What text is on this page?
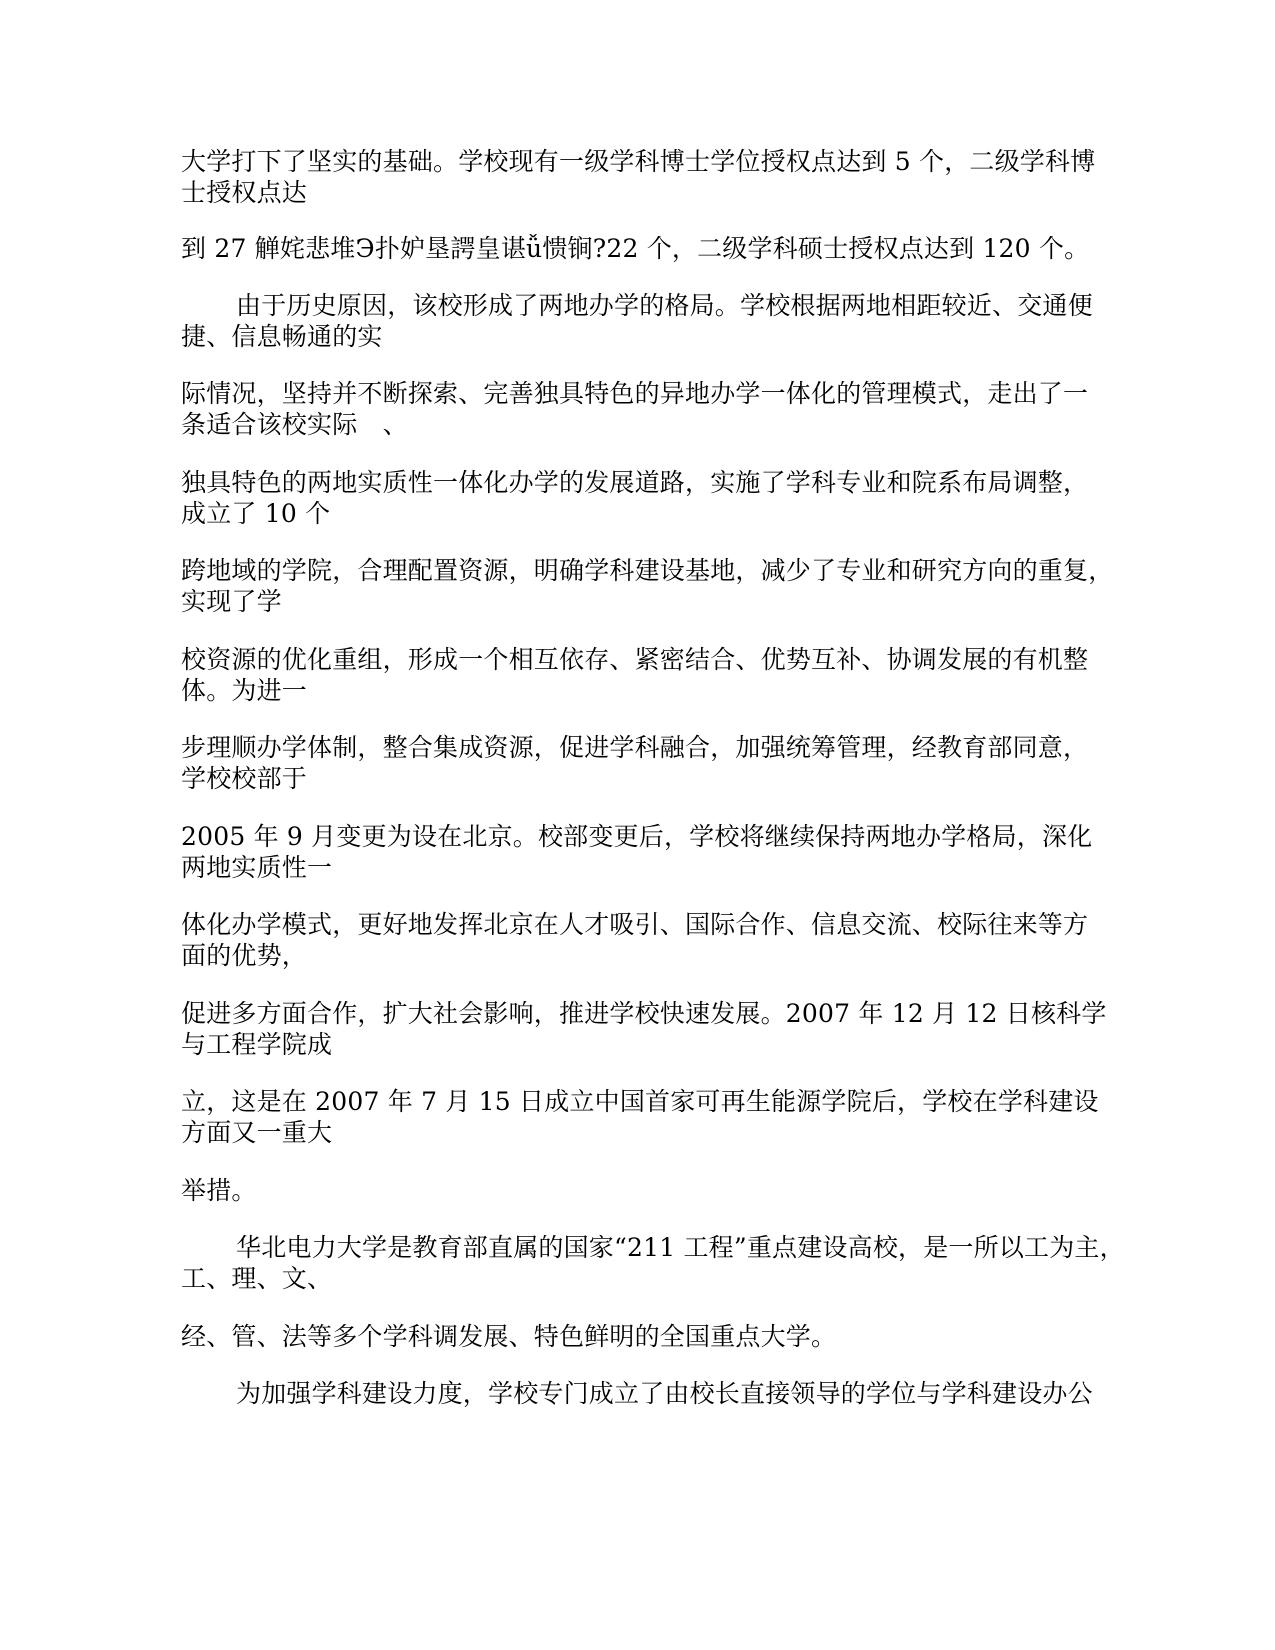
大学打下了坚实的基础。学校现有一级学科博士学位授权点达到 5 个，二级学科博
士授权点达
到 27 觯姹悲堆Э扑妒垦諤皇谌ǚ愦锏?22 个，二级学科硕士授权点达到 120 个。
由于历史原因，该校形成了两地办学的格局。学校根据两地相距较近、交通便
捷、信息畅通的实
际情况，坚持并不断探索、完善独具特色的异地办学一体化的管理模式，走出了一
条适合该校实际　、
独具特色的两地实质性一体化办学的发展道路，实施了学科专业和院系布局调整，
成立了 10 个
跨地域的学院，合理配置资源，明确学科建设基地，减少了专业和研究方向的重复，
实现了学
校资源的优化重组，形成一个相互依存、紧密结合、优势互补、协调发展的有机整
体。为进一
步理顺办学体制，整合集成资源，促进学科融合，加强统筹管理，经教育部同意，
学校校部于
2005 年 9 月变更为设在北京。校部变更后，学校将继续保持两地办学格局，深化
两地实质性一
体化办学模式，更好地发挥北京在人才吸引、国际合作、信息交流、校际往来等方
面的优势，
促进多方面合作，扩大社会影响，推进学校快速发展。2007 年 12 月 12 日核科学
与工程学院成
立，这是在 2007 年 7 月 15 日成立中国首家可再生能源学院后，学校在学科建设
方面又一重大
举措。
华北电力大学是教育部直属的国家“211 工程”重点建设高校，是一所以工为主，
工、理、文、
经、管、法等多个学科调发展、特色鲜明的全国重点大学。
为加强学科建设力度，学校专门成立了由校长直接领导的学位与学科建设办公
